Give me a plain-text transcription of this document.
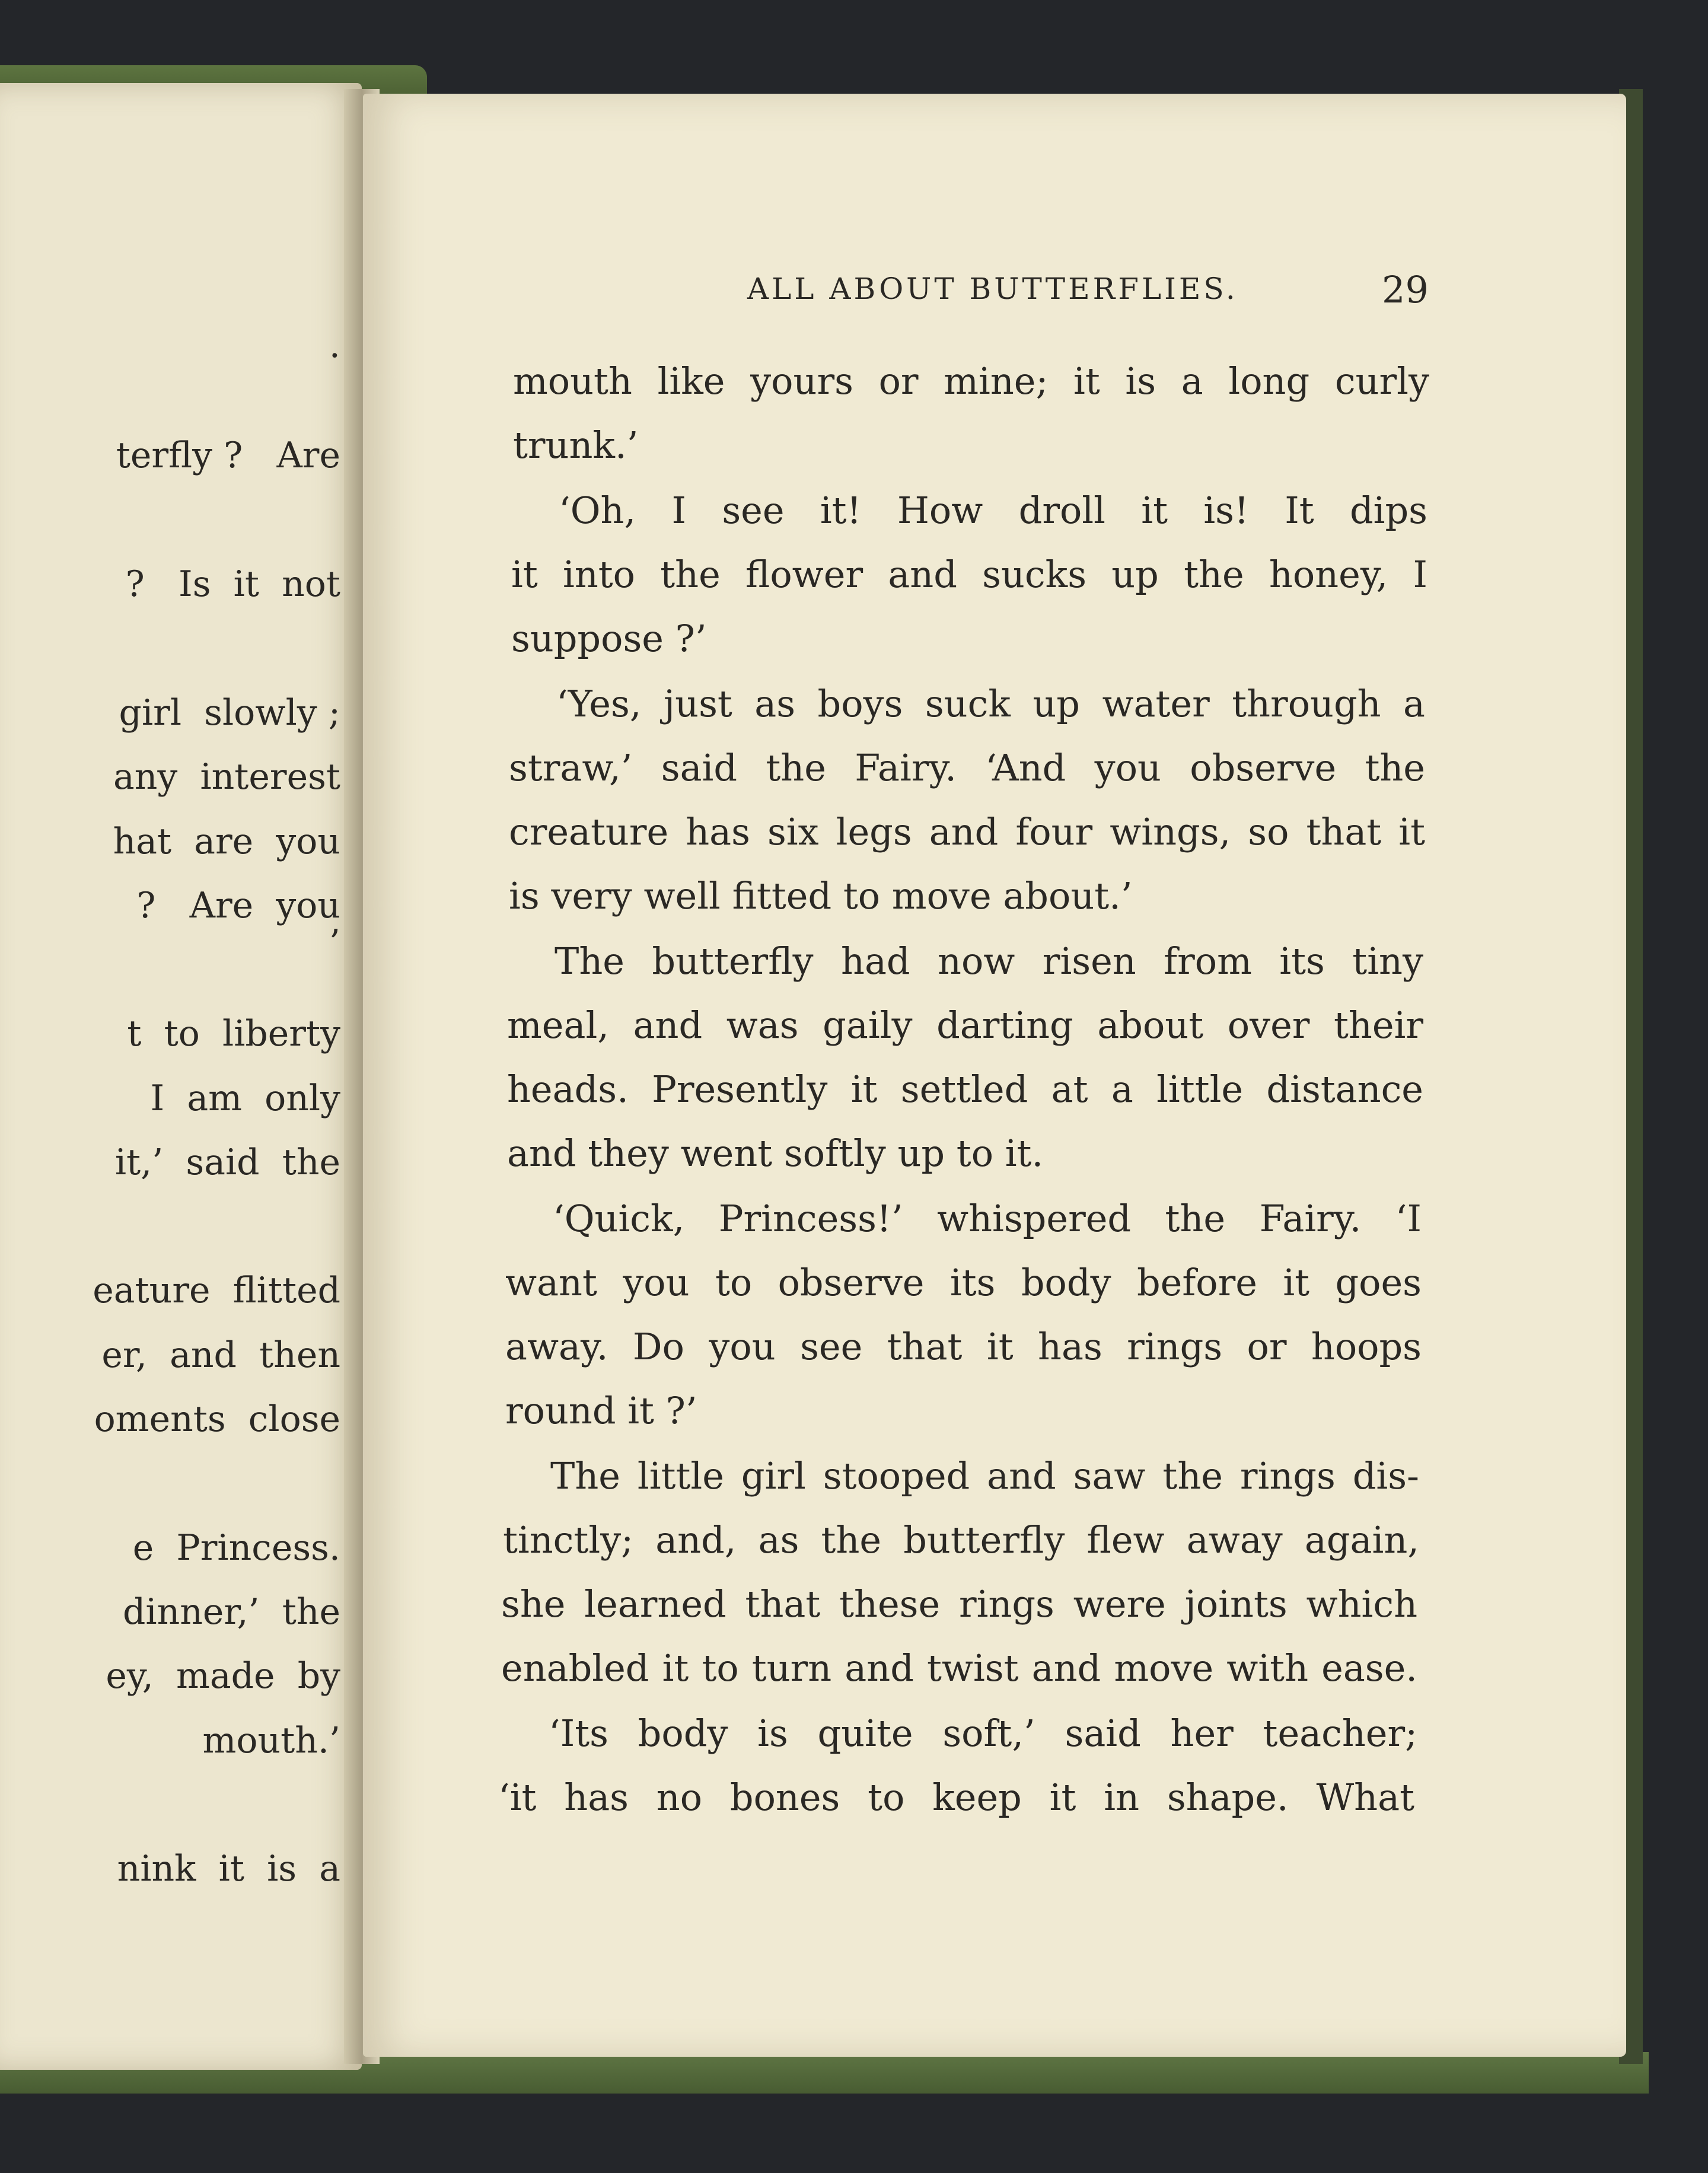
·
terfly ?   Are
?   Is  it  not
girl  slowly ;
any  interest
hat  are  you
?   Are  you
’
t  to  liberty
I  am  only
it,’  said  the
eature  flitted
er,  and  then
oments  close
e  Princess.
dinner,’  the
ey,  made  by
mouth.’
nink  it  is  a
ALL ABOUT BUTTERFLIES.	29
mouth like yours or mine; it is a long curly
trunk.’
‘Oh, I see it! How droll it is! It dips
it into the flower and sucks up the honey, I
suppose ?’
‘Yes, just as boys suck up water through a
straw,’ said the Fairy. ‘And you observe the
creature has six legs and four wings, so that it
is very well fitted to move about.’
The butterfly had now risen from its tiny
meal, and was gaily darting about over their
heads. Presently it settled at a little distance
and they went softly up to it.
‘Quick, Princess!’ whispered the Fairy. ‘I
want you to observe its body before it goes
away. Do you see that it has rings or hoops
round it ?’
The little girl stooped and saw the rings dis-
tinctly; and, as the butterfly flew away again,
she learned that these rings were joints which
enabled it to turn and twist and move with ease.
‘Its body is quite soft,’ said her teacher;
‘it has no bones to keep it in shape. What
